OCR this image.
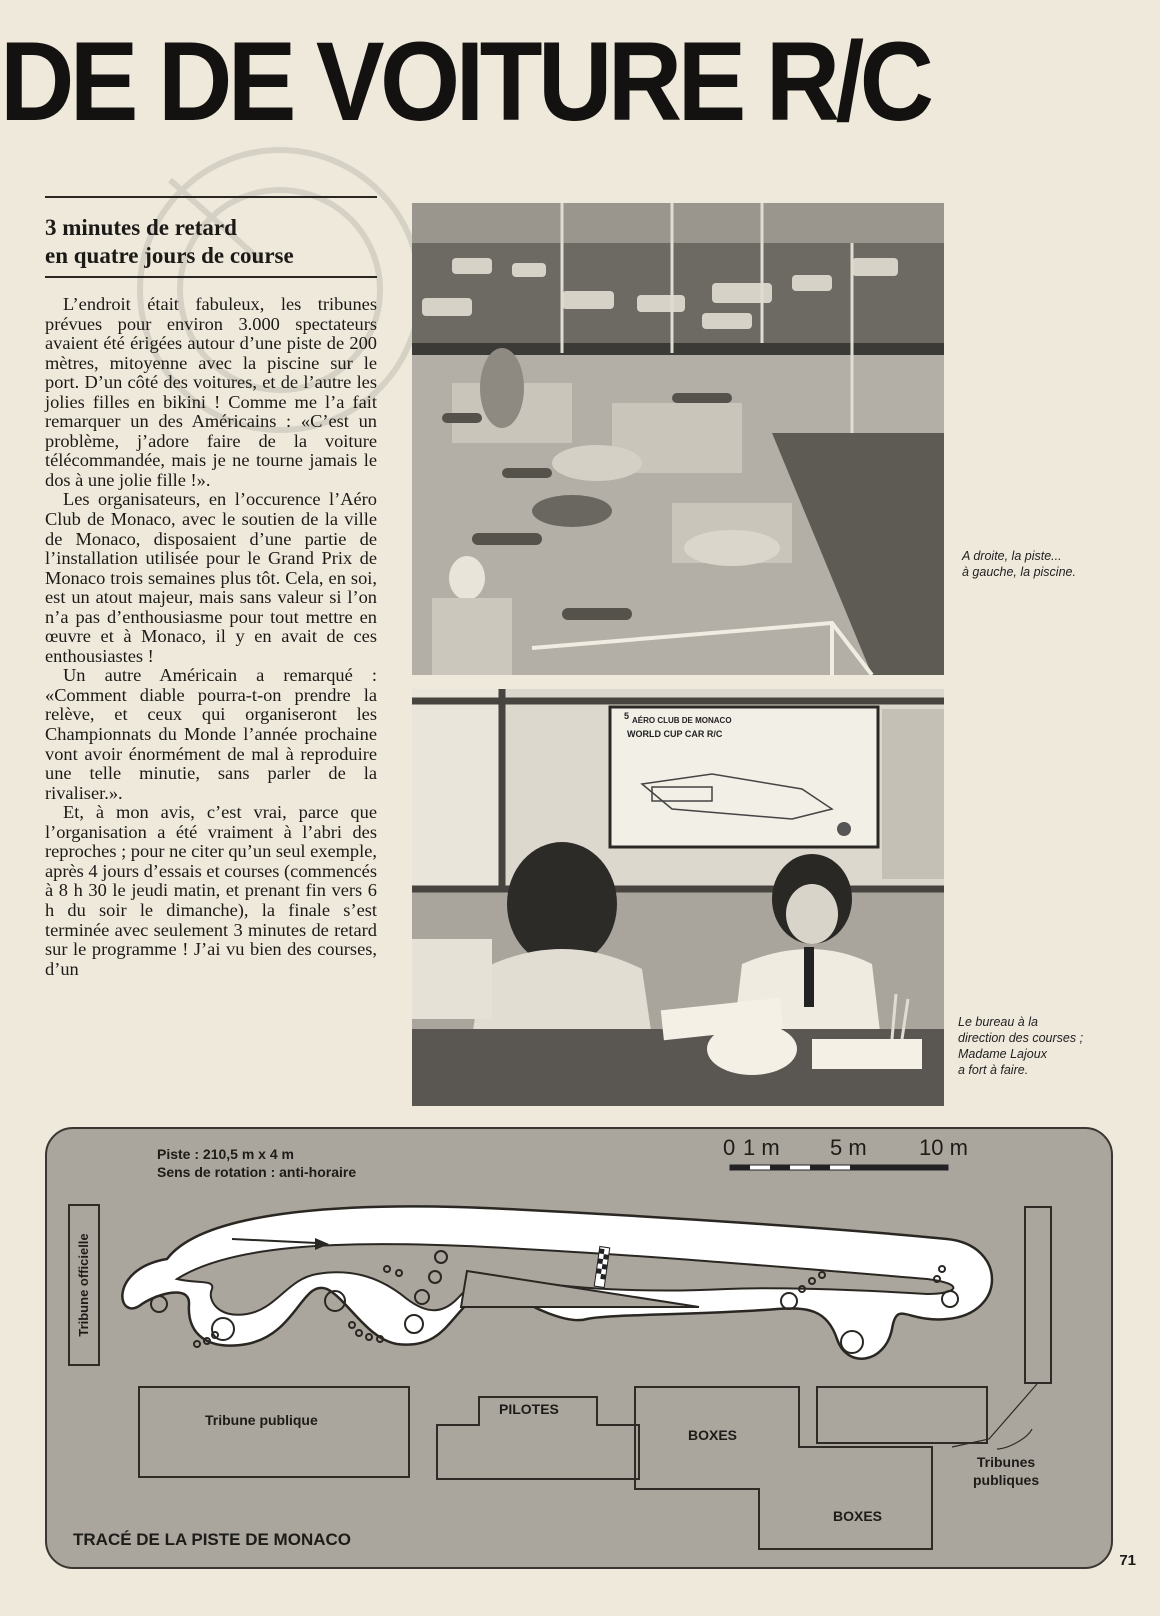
DE DE VOITURE R/C
3 minutes de retard
en quatre jours de course

L’endroit était fabuleux, les tribunes prévues pour environ 3.000 spectateurs avaient été érigées autour d’une piste de 200 mètres, mitoyenne avec la piscine sur le port. D’un côté des voitures, et de l’autre les jolies filles en bikini ! Comme me l’a fait remarquer un des Américains : «C’est un problème, j’adore faire de la voiture télécommandée, mais je ne tourne jamais le dos à une jolie fille !».

Les organisateurs, en l’occurence l’Aéro Club de Monaco, avec le soutien de la ville de Monaco, disposaient d’une partie de l’installation utilisée pour le Grand Prix de Monaco trois semaines plus tôt. Cela, en soi, est un atout majeur, mais sans valeur si l’on n’a pas d’enthousiasme pour tout mettre en œuvre et à Monaco, il y en avait de ces enthousiastes !

Un autre Américain a remarqué : «Comment diable pourra-t-on prendre la relève, et ceux qui organiseront les Championnats du Monde l’année prochaine vont avoir énormément de mal à reproduire une telle minutie, sans parler de la rivaliser.».

Et, à mon avis, c’est vrai, parce que l’organisation a été vraiment à l’abri des reproches ; pour ne citer qu’un seul exemple, après 4 jours d’essais et courses (commencés à 8 h 30 le jeudi matin, et prenant fin vers 6 h du soir le dimanche), la finale s’est terminée avec seulement 3 minutes de retard sur le programme ! J’ai vu bien des courses, d’un

5 AÉRO CLUB DE MONACO
WORLD CUP CAR R/C
A droite, la piste...
à gauche, la piscine.
Le bureau à la
direction des courses ;
Madame Lajoux
a fort à faire.
Piste : 210,5 m x 4 m
Sens de rotation : anti-horaire
0 1 m 5 m 10 m
Tribune officielle
Tribune publique
PILOTES
BOXES
BOXES
Tribunes
publiques
TRACÉ DE LA PISTE DE MONACO
71
